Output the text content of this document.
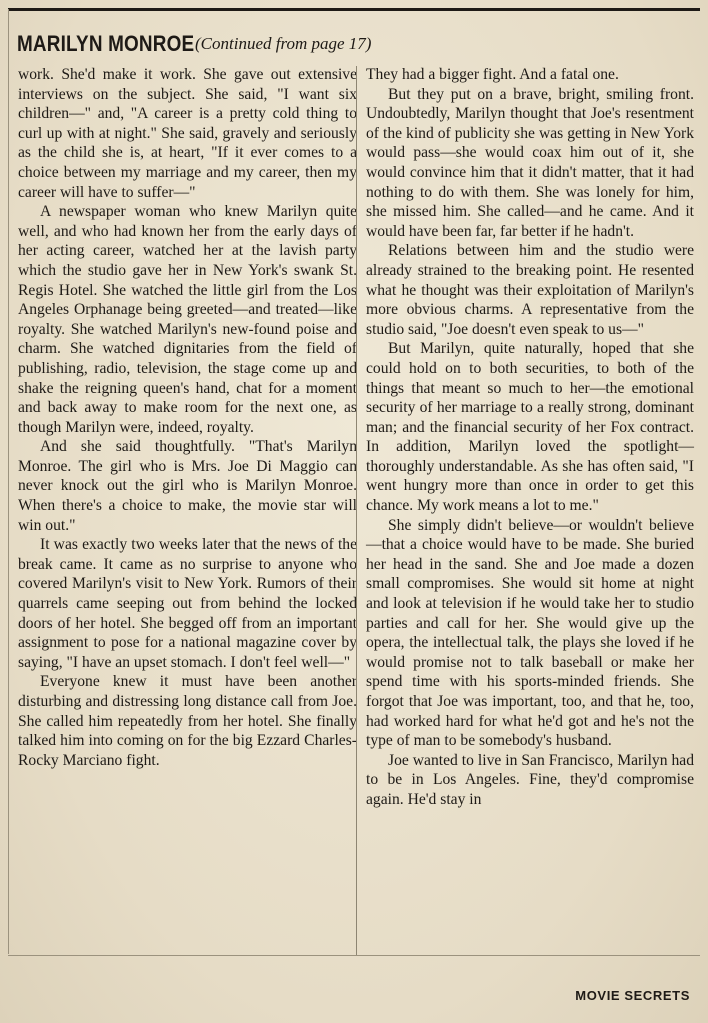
MARILYN MONROE (Continued from page 17)

work. She'd make it work. She gave out extensive interviews on the subject. She said, "I want six children—" and, "A career is a pretty cold thing to curl up with at night." She said, gravely and seriously as the child she is, at heart, "If it ever comes to a choice between my marriage and my career, then my career will have to suffer—"

A newspaper woman who knew Marilyn quite well, and who had known her from the early days of her acting career, watched her at the lavish party which the studio gave her in New York's swank St. Regis Hotel. She watched the little girl from the Los Angeles Orphanage being greeted—and treated—like royalty. She watched Marilyn's new-found poise and charm. She watched dignitaries from the field of publishing, radio, television, the stage come up and shake the reigning queen's hand, chat for a moment and back away to make room for the next one, as though Marilyn were, indeed, royalty.

And she said thoughtfully. "That's Marilyn Monroe. The girl who is Mrs. Joe Di Maggio can never knock out the girl who is Marilyn Monroe. When there's a choice to make, the movie star will win out."

It was exactly two weeks later that the news of the break came. It came as no surprise to anyone who covered Marilyn's visit to New York. Rumors of their quarrels came seeping out from behind the locked doors of her hotel. She begged off from an important assignment to pose for a national magazine cover by saying, "I have an upset stomach. I don't feel well—"

Everyone knew it must have been another disturbing and distressing long distance call from Joe. She called him repeatedly from her hotel. She finally talked him into coming on for the big Ezzard Charles-Rocky Marciano fight.

They had a bigger fight. And a fatal one.

But they put on a brave, bright, smiling front. Undoubtedly, Marilyn thought that Joe's resentment of the kind of publicity she was getting in New York would pass—she would coax him out of it, she would convince him that it didn't matter, that it had nothing to do with them. She was lonely for him, she missed him. She called—and he came. And it would have been far, far better if he hadn't.

Relations between him and the studio were already strained to the breaking point. He resented what he thought was their exploitation of Marilyn's more obvious charms. A representative from the studio said, "Joe doesn't even speak to us—"

But Marilyn, quite naturally, hoped that she could hold on to both securities, to both of the things that meant so much to her—the emotional security of her marriage to a really strong, dominant man; and the financial security of her Fox contract. In addition, Marilyn loved the spotlight—thoroughly understandable. As she has often said, "I went hungry more than once in order to get this chance. My work means a lot to me."

She simply didn't believe—or wouldn't believe—that a choice would have to be made. She buried her head in the sand. She and Joe made a dozen small compromises. She would sit home at night and look at television if he would take her to studio parties and call for her. She would give up the opera, the intellectual talk, the plays she loved if he would promise not to talk baseball or make her spend time with his sports-minded friends. She forgot that Joe was important, too, and that he, too, had worked hard for what he'd got and he's not the type of man to be somebody's husband.

Joe wanted to live in San Francisco, Marilyn had to be in Los Angeles. Fine, they'd compromise again. He'd stay in

MOVIE SECRETS
